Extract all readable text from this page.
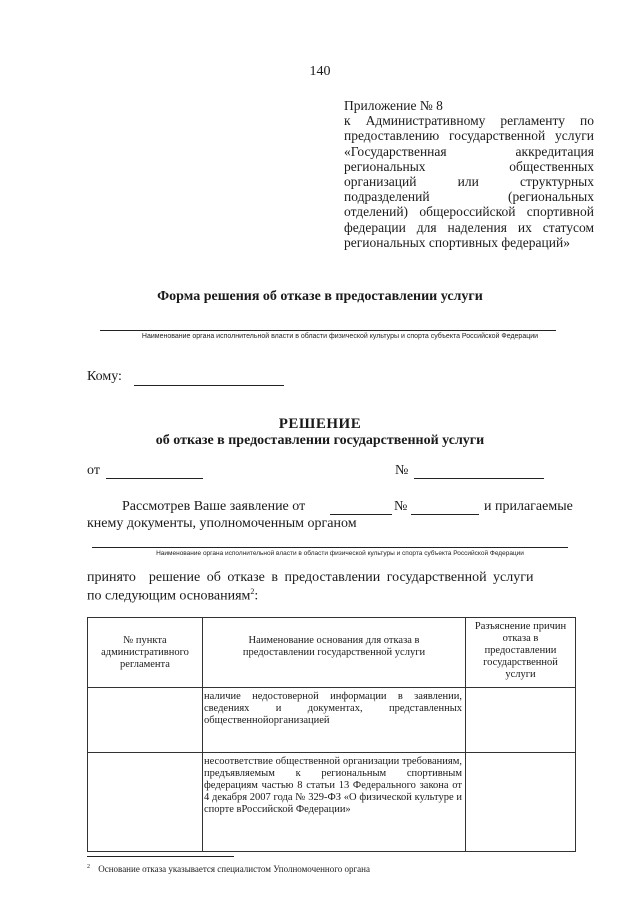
140
Приложение № 8
к Административному регламенту по
предоставлению государственной услуги
«Государственная аккредитация
региональных общественных
организаций или структурных
подразделений (региональных
отделений) общероссийской спортивной
федерации для наделения их статусом
региональных спортивных федераций»
Форма решения об отказе в предоставлении услуги
Наименование органа исполнительной власти в области физической культуры и спорта субъекта Российской Федерации
Кому:
РЕШЕНИЕ
об отказе в предоставлении государственной услуги
от	№
Рассмотрев Ваше заявление от	№	и прилагаемые
кнему документы, уполномоченным органом
Наименование органа исполнительной власти в области физической культуры и спорта субъекта Российской Федерации
принято  решение об отказе в предоставлении государственной услуги
по следующим основаниям$^2$:
№ пункта административного регламента	Наименование основания для отказа в предоставлении государственной услуги	Разъяснение причин отказа в предоставлении государственной услуги

	наличие недостоверной информации в заявлении, сведениях и документах, представленных общественнойорганизацией	

	несоответствие общественной организации требованиям, предъявляемым к региональным спортивным федерациям частью 8 статьи 13 Федерального закона от 4 декабря 2007 года № 329-ФЗ «О физической культуре и спорте вРоссийской Федерации»	

$^2$ Основание отказа указывается специалистом Уполномоченного органа
